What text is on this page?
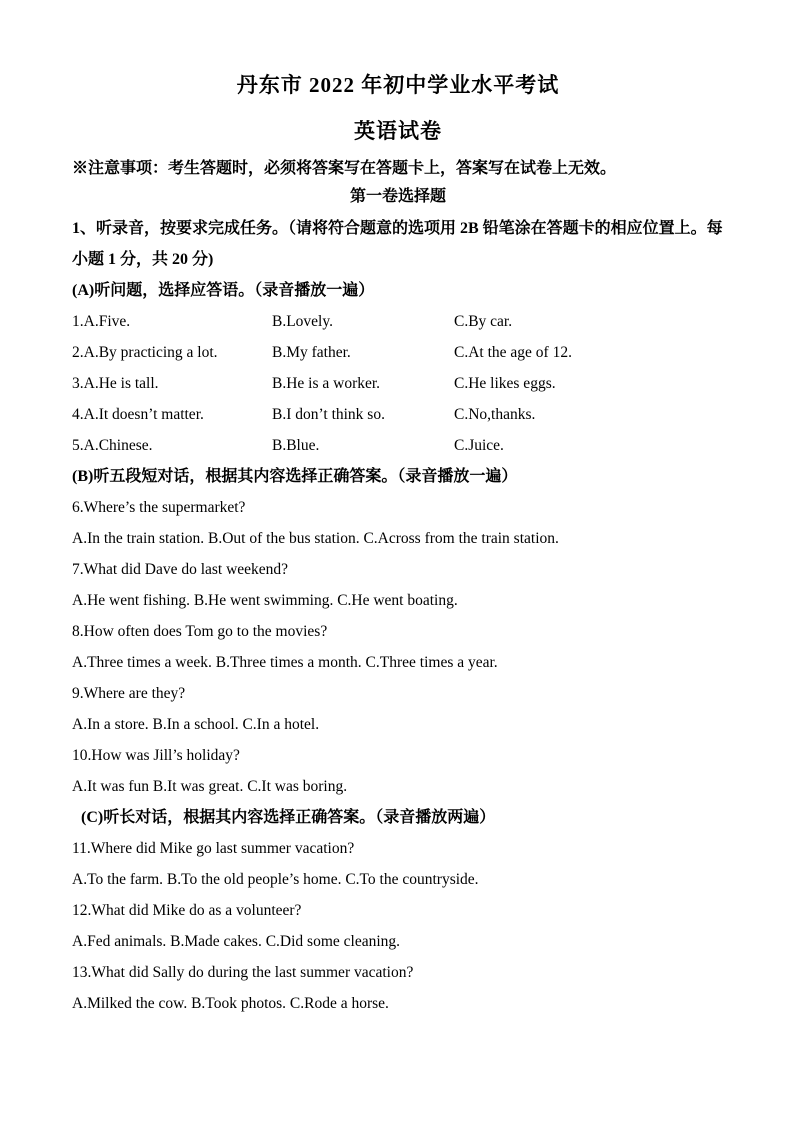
丹东市 2022 年初中学业水平考试
英语试卷
※注意事项：考生答题时，必须将答案写在答题卡上，答案写在试卷上无效。
第一卷选择题
1、听录音，按要求完成任务。（请将符合题意的选项用 2B 铅笔涂在答题卡的相应位置上。每
小题 1 分，共 20 分)
(A)听问题，选择应答语。（录音播放一遍）
1.A.Five.	B.Lovely.	C.By car.
2.A.By practicing a lot.	B.My father.	C.At the age of 12.
3.A.He is tall.	B.He is a worker.	C.He likes eggs.
4.A.It doesn’t matter.	B.I don’t think so.	C.No,thanks.
5.A.Chinese.	B.Blue.	C.Juice.
(B)听五段短对话，根据其内容选择正确答案。（录音播放一遍）
6.Where’s the supermarket?
A.In the train station. B.Out of the bus station. C.Across from the train station.
7.What did Dave do last weekend?
A.He went fishing. B.He went swimming. C.He went boating.
8.How often does Tom go to the movies?
A.Three times a week. B.Three times a month. C.Three times a year.
9.Where are they?
A.In a store. B.In a school. C.In a hotel.
10.How was Jill’s holiday?
A.It was fun B.It was great. C.It was boring.
(C)听长对话，根据其内容选择正确答案。（录音播放两遍）
11.Where did Mike go last summer vacation?
A.To the farm. B.To the old people’s home. C.To the countryside.
12.What did Mike do as a volunteer?
A.Fed animals. B.Made cakes. C.Did some cleaning.
13.What did Sally do during the last summer vacation?
A.Milked the cow. B.Took photos. C.Rode a horse.
